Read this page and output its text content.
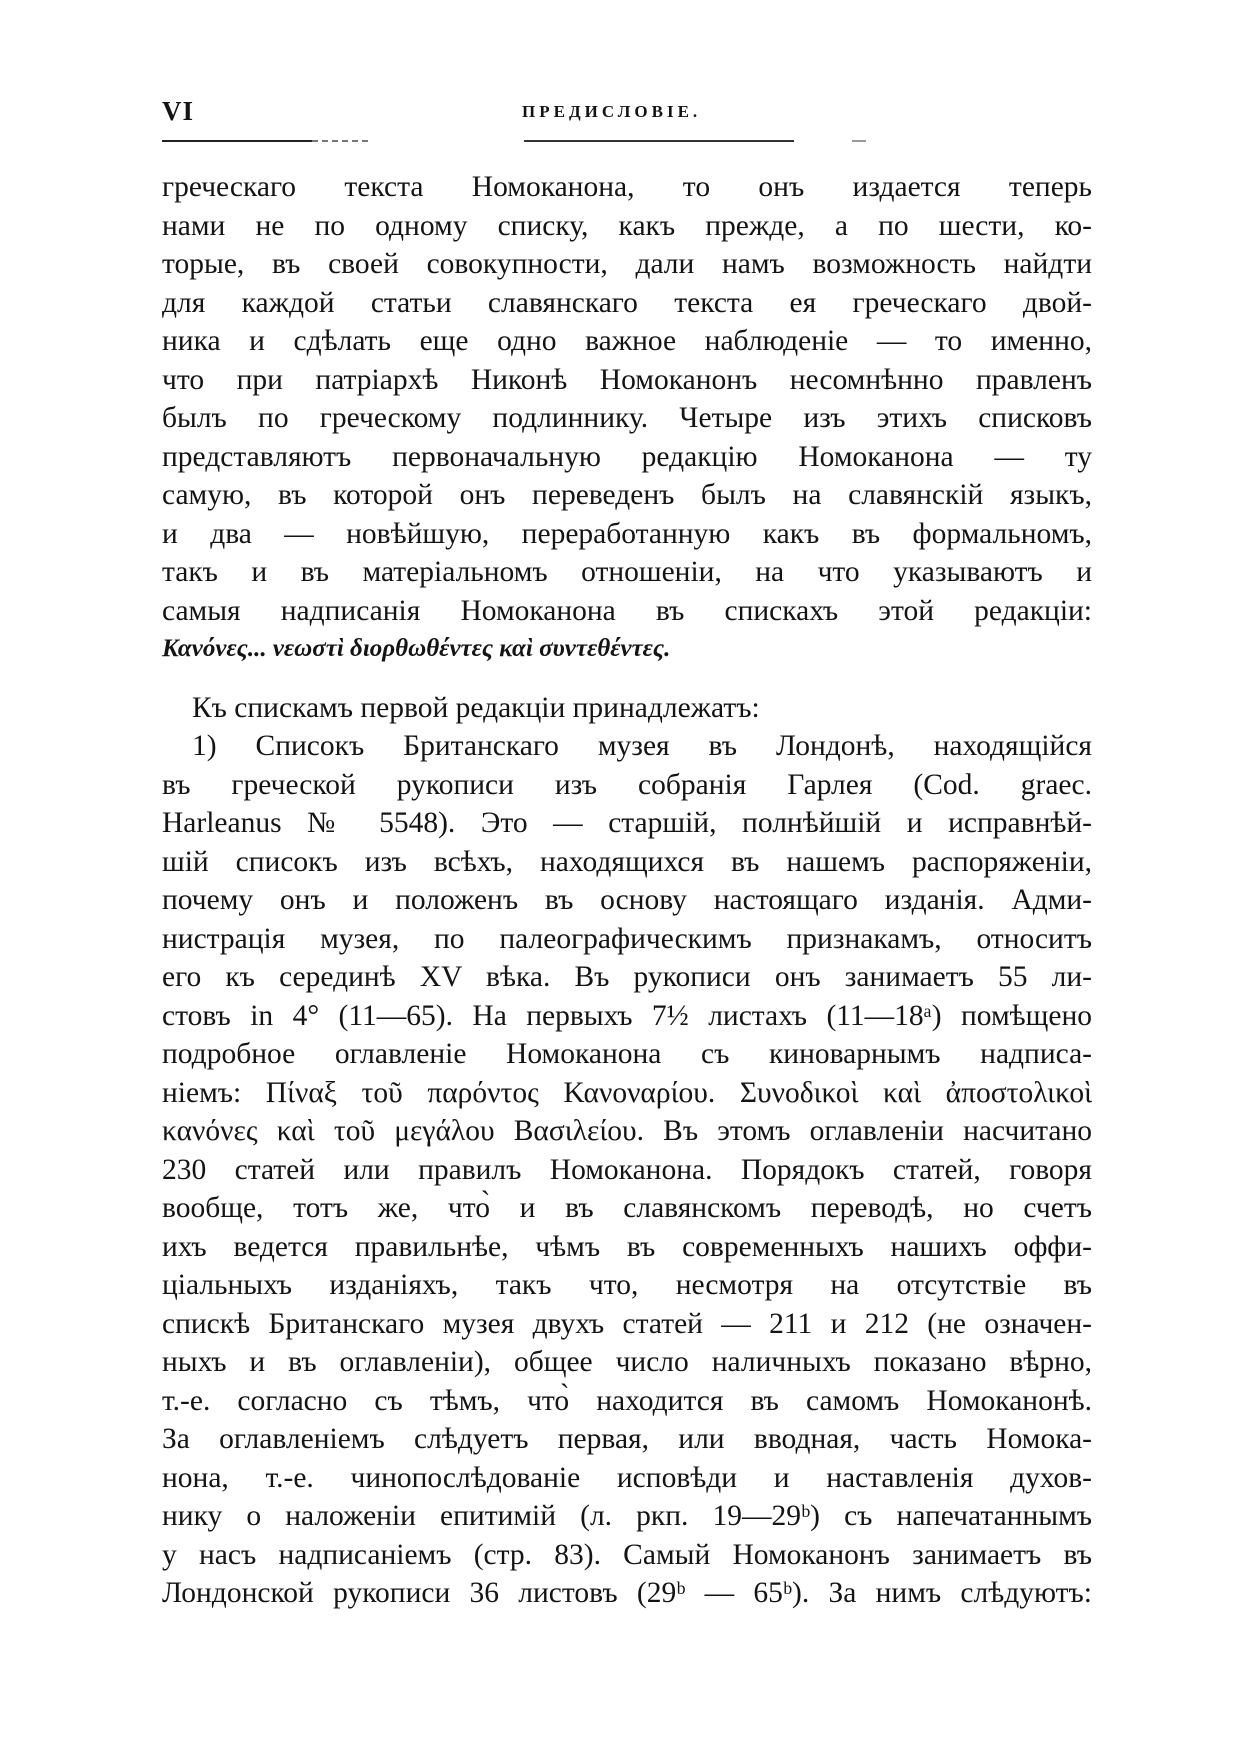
VI	ПРЕДИСЛОВІЕ.
греческаго текста Номоканона, то онъ издается теперь
нами не по одному списку, какъ прежде, а по шести, ко-
торые, въ своей совокупности, дали намъ возможность найдти
для каждой статьи славянскаго текста ея греческаго двой-
ника и сдѣлать еще одно важное наблюденіе — то именно,
что при патріархѣ Никонѣ Номоканонъ несомнѣнно правленъ
былъ по греческому подлиннику. Четыре изъ этихъ списковъ
представляютъ первоначальную редакцію Номоканона — ту
самую, въ которой онъ переведенъ былъ на славянскій языкъ,
и два — новѣйшую, переработанную какъ въ формальномъ,
такъ и въ матеріальномъ отношеніи, на что указываютъ и
самыя надписанія Номоканона въ спискахъ этой редакціи:
Κανόνες... νεωστὶ διορθωθέντες καὶ συντεθέντες.
Къ спискамъ первой редакціи принадлежатъ:
1) Списокъ Британскаго музея въ Лондонѣ, находящійся
въ греческой рукописи изъ собранія Гарлея (Cod. graec.
Harleanus № 5548). Это — старшій, полнѣйшій и исправнѣй-
шій списокъ изъ всѣхъ, находящихся въ нашемъ распоряженіи,
почему онъ и положенъ въ основу настоящаго изданія. Адми-
нистрація музея, по палеографическимъ признакамъ, относитъ
его къ серединѣ XV вѣка. Въ рукописи онъ занимаетъ 55 ли-
стовъ in 4° (11—65). На первыхъ 7½ листахъ (11—18ᵃ) помѣщено
подробное оглавленіе Номоканона съ киноварнымъ надписа-
ніемъ: Πίναξ τοῦ παρόντος Κανοναρίου. Συνοδικοὶ καὶ ἀποστολικοὶ
κανόνες καὶ τοῦ μεγάλου Βασιλείου. Въ этомъ оглавленіи насчитано
230 статей или правилъ Номоканона. Порядокъ статей, говоря
вообще, тотъ же, что̀ и въ славянскомъ переводѣ, но счетъ
ихъ ведется правильнѣе, чѣмъ въ современныхъ нашихъ оффи-
ціальныхъ изданіяхъ, такъ что, несмотря на отсутствіе въ
спискѣ Британскаго музея двухъ статей — 211 и 212 (не означен-
ныхъ и въ оглавленіи), общее число наличныхъ показано вѣрно,
т.-е. согласно съ тѣмъ, что̀ находится въ самомъ Номоканонѣ.
За оглавленіемъ слѣдуетъ первая, или вводная, часть Номока-
нона, т.-е. чинопослѣдованіе исповѣди и наставленія духов-
нику о наложеніи епитимій (л. ркп. 19—29ᵇ) съ напечатаннымъ
у насъ надписаніемъ (стр. 83). Самый Номоканонъ занимаетъ въ
Лондонской рукописи 36 листовъ (29ᵇ — 65ᵇ). За нимъ слѣдуютъ:
